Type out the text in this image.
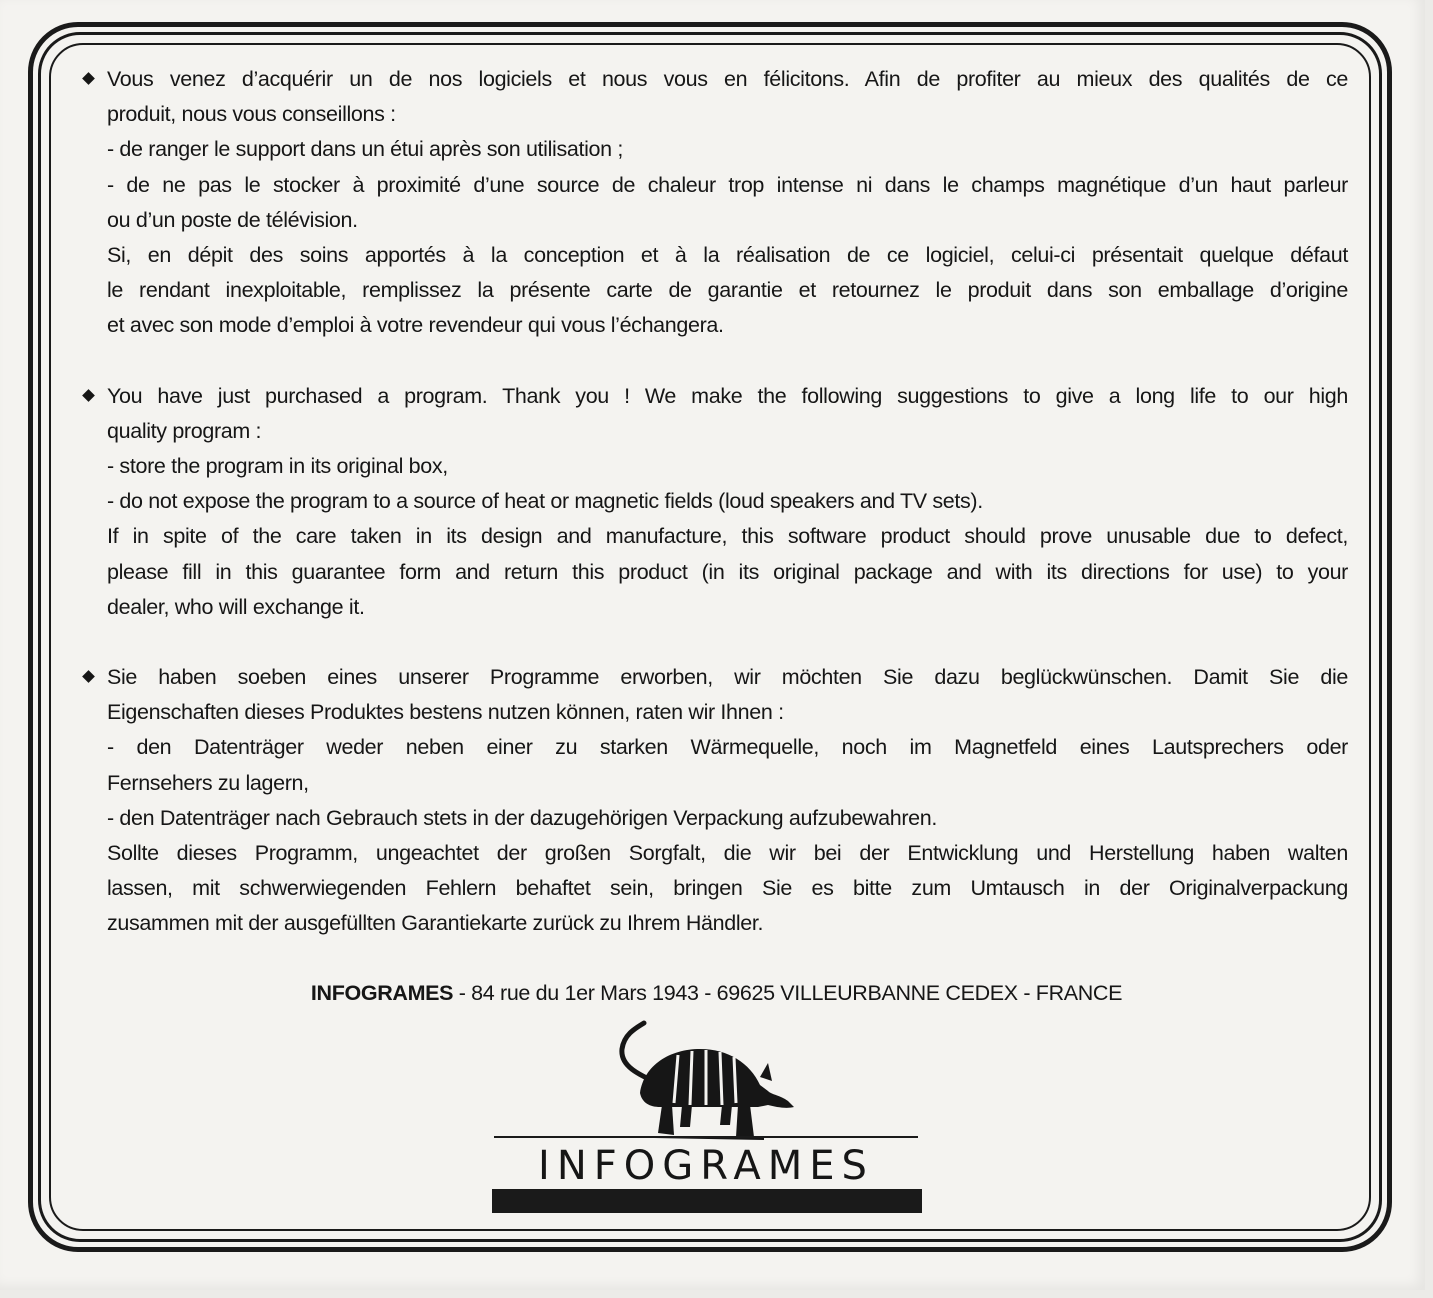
Vous venez d’acquérir un de nos logiciels et nous vous en félicitons. Afin de profiter au mieux des qualités de ce
produit, nous vous conseillons :
- de ranger le support dans un étui après son utilisation ;
- de ne pas le stocker à proximité d’une source de chaleur trop intense ni dans le champs magnétique d’un haut parleur
ou d’un poste de télévision.
Si, en dépit des soins apportés à la conception et à la réalisation de ce logiciel, celui-ci présentait quelque défaut
le rendant inexploitable, remplissez la présente carte de garantie et retournez le produit dans son emballage d’origine
et avec son mode d’emploi à votre revendeur qui vous l’échangera.
You have just purchased a program. Thank you ! We make the following suggestions to give a long life to our high
quality program :
- store the program in its original box,
- do not expose the program to a source of heat or magnetic fields (loud speakers and TV sets).
If in spite of the care taken in its design and manufacture, this software product should prove unusable due to defect,
please fill in this guarantee form and return this product (in its original package and with its directions for use) to your
dealer, who will exchange it.
Sie haben soeben eines unserer Programme erworben, wir möchten Sie dazu beglückwünschen. Damit Sie die
Eigenschaften dieses Produktes bestens nutzen können, raten wir Ihnen :
- den Datenträger weder neben einer zu starken Wärmequelle, noch im Magnetfeld eines Lautsprechers oder
Fernsehers zu lagern,
- den Datenträger nach Gebrauch stets in der dazugehörigen Verpackung aufzubewahren.
Sollte dieses Programm, ungeachtet der großen Sorgfalt, die wir bei der Entwicklung und Herstellung haben walten
lassen, mit schwerwiegenden Fehlern behaftet sein, bringen Sie es bitte zum Umtausch in der Originalverpackung
zusammen mit der ausgefüllten Garantiekarte zurück zu Ihrem Händler.
INFOGRAMES - 84 rue du 1er Mars 1943 - 69625 VILLEURBANNE CEDEX - FRANCE
INFOGRAMES
